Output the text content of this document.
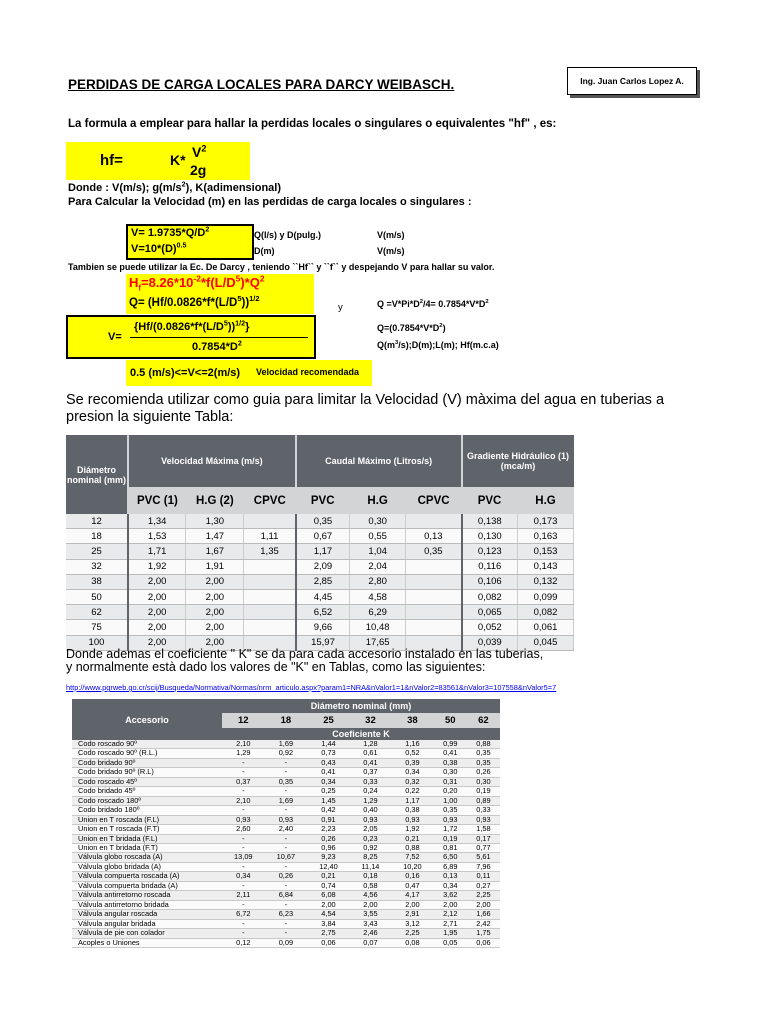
PERDIDAS DE CARGA LOCALES PARA DARCY WEIBASCH.	Ing. Juan Carlos Lopez A.
La formula a emplear para hallar la perdidas locales o singulares o equivalentes "hf" , es:
hf=	K* $V^2$
2g
Donde : V(m/s); $g(m/s^2)$, K(adimensional)
Para Calcular la Velocidad (m) en las perdidas de carga locales o singulares :
$V= 1.9735*Q/D^2$
$V=10*(D)^{0.5}$
Q(l/s) y D(pulg.)	V(m/s)
D(m)	V(m/s)
Tambien se puede utilizar la Ec. De Darcy , teniendo ``Hf`` y ``f`` y despejando V para hallar su valor.
$H_f=8.26*10^{-2}*f(L/D^5)*Q^2$
$Q= (Hf/0.0826*f*(L/D^5))^{1/2}$
y	$Q =V*Pi*D^2/4= 0.7854*V*D^2$
V=
$\{Hf/(0.0826*f*(L/D^5))^{1/2}\}$
$0.7854*D^2$
$Q=(0.7854*V*D^2)$
$Q(m^3/s);D(m);L(m)$; Hf(m.c.a)
0.5 (m/s)<=V<=2(m/s) Velocidad recomendada
Se recomienda utilizar como guia para limitar la Velocidad (V) màxima del agua en tuberias a
presion la siguiente Tabla:
Diámetro nominal (mm)	Velocidad Máxima (m/s)			Caudal Máximo (Litros/s)			Gradiente Hidráulico (1) (mca/m)	
	PVC (1)	H.G (2)	CPVC	PVC	H.G	CPVC	PVC	H.G
12	1,34	1,30		0,35	0,30		0,138	0,173
18	1,53	1,47	1,11	0,67	0,55	0,13	0,130	0,163
25	1,71	1,67	1,35	1,17	1,04	0,35	0,123	0,153
32	1,92	1,91		2,09	2,04		0,116	0,143
38	2,00	2,00		2,85	2,80		0,106	0,132
50	2,00	2,00		4,45	4,58		0,082	0,099
62	2,00	2,00		6,52	6,29		0,065	0,082
75	2,00	2,00		9,66	10,48		0,052	0,061
100	2,00	2,00		15,97	17,65		0,039	0,045
Donde ademas el coeficiente " K" se da para cada accesorio instalado en las tuberias,
y normalmente està dado los valores de "K" en Tablas, como las siguientes:
http://www.pgrweb.go.cr/scij/Busqueda/Normativa/Normas/nrm_articulo.aspx?param1=NRA&nValor1=1&nValor2=83561&nValor3=107558&nValor5=7
Accesorio	Diámetro nominal (mm)						
	12	18	25	32	38	50	62
	Coeficiente K						
Codo roscado 90º	2,10	1,69	1,44	1,28	1,16	0,99	0,88
Codo roscado 90º (R.L.)	1,29	0,92	0,73	0,61	0,52	0,41	0,35
Codo bridado 90º	-	-	0,43	0,41	0,39	0,38	0,35
Codo bridado 90º (R.L)	-	-	0,41	0,37	0,34	0,30	0,26
Codo roscado 45º	0,37	0,35	0,34	0,33	0,32	0,31	0,30
Codo bridado 45º	-	-	0,25	0,24	0,22	0,20	0,19
Codo roscado 180º	2,10	1,69	1,45	1,29	1,17	1,00	0,89
Codo bridado 180º	-	-	0,42	0,40	0,38	0,35	0,33
Union en T roscada (F.L)	0,93	0,93	0,91	0,93	0,93	0,93	0,93
Union en T roscada (F.T)	2,60	2,40	2,23	2,05	1,92	1,72	1,58
Union en T bridada (F.L)	-	-	0,26	0,23	0,21	0,19	0,17
Union en T bridada (F.T)	-	-	0,96	0,92	0,88	0,81	0,77
Válvula globo roscada (A)	13,09	10,67	9,23	8,25	7,52	6,50	5,61
Válvula globo bridada (A)	-	-	12,40	11,14	10,20	6,89	7,96
Válvula compuerta roscada (A)	0,34	0,26	0,21	0,18	0,16	0,13	0,11
Válvula compuerta bridada (A)	-	-	0,74	0,58	0,47	0,34	0,27
Válvula antirretorno roscada	2,11	6,84	6,08	4,56	4,17	3,62	2,25
Válvula antirretorno bridada	-	-	2,00	2,00	2,00	2,00	2,00
Válvula angular roscada	6,72	6,23	4,54	3,55	2,91	2,12	1,66
Válvula angular bridada	-	-	3,84	3,43	3,12	2,71	2,42
Válvula de pie con colador	-	-	2,75	2,46	2,25	1,95	1,75
Acoples o Uniones	0,12	0,09	0,06	0,07	0,08	0,05	0,06
